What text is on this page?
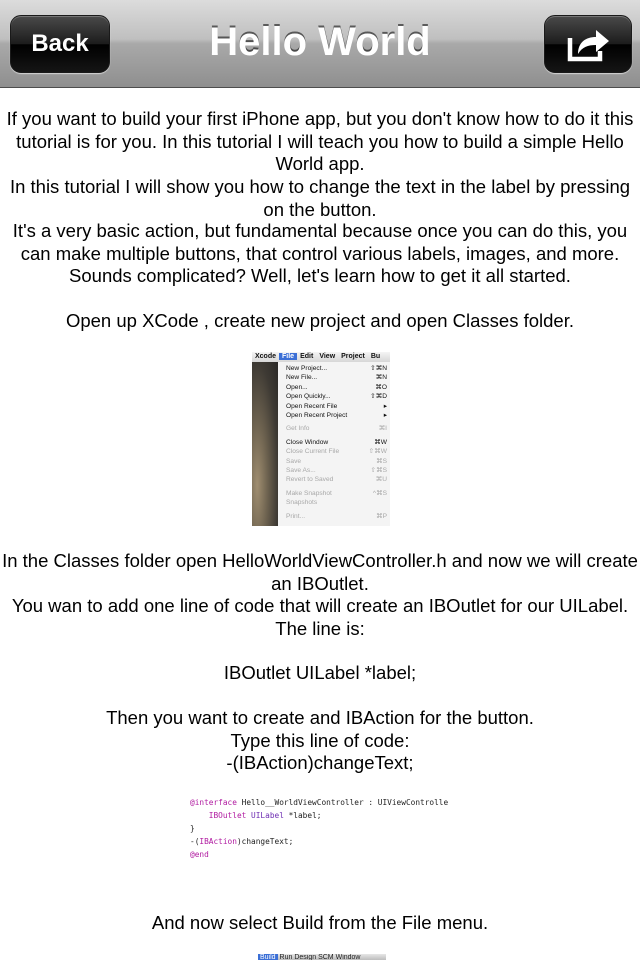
Back	Hello World

If you want to build your first iPhone app, but you don't know how to do it this tutorial is for you. In this tutorial I will teach you how to build a simple Hello World app.

In this tutorial I will show you how to change the text in the label by pressing on the button.

It's a very basic action, but fundamental because once you can do this, you can make multiple buttons, that control various labels, images, and more. Sounds complicated? Well, let's learn how to get it all started.

Open up XCode , create new project and open Classes folder.

Xcode File Edit View Project Bu
New Project...	⇧⌘N
New File...	⌘N
Open...	⌘O
Open Quickly...	⇧⌘D
Open Recent File	▸
Open Recent Project	▸
Get Info	⌘I
Close Window	⌘W
Close Current File	⇧⌘W
Save	⌘S
Save As...	⇧⌘S
Revert to Saved	⌘U
Make Snapshot	^⌘S
Snapshots
Print...	⌘P

In the Classes folder open HelloWorldViewController.h and now we will create an IBOutlet.

You wan to add one line of code that will create an IBOutlet for our UILabel. The line is:

IBOutlet UILabel *label;

Then you want to create and IBAction for the button.

Type this line of code:

-(IBAction)changeText;

@interface Hello__WorldViewController : UIViewControlle
IBOutlet UILabel *label;
}
-(IBAction)changeText;
@end

And now select Build from the File menu.

Build Run Design SCM Window
